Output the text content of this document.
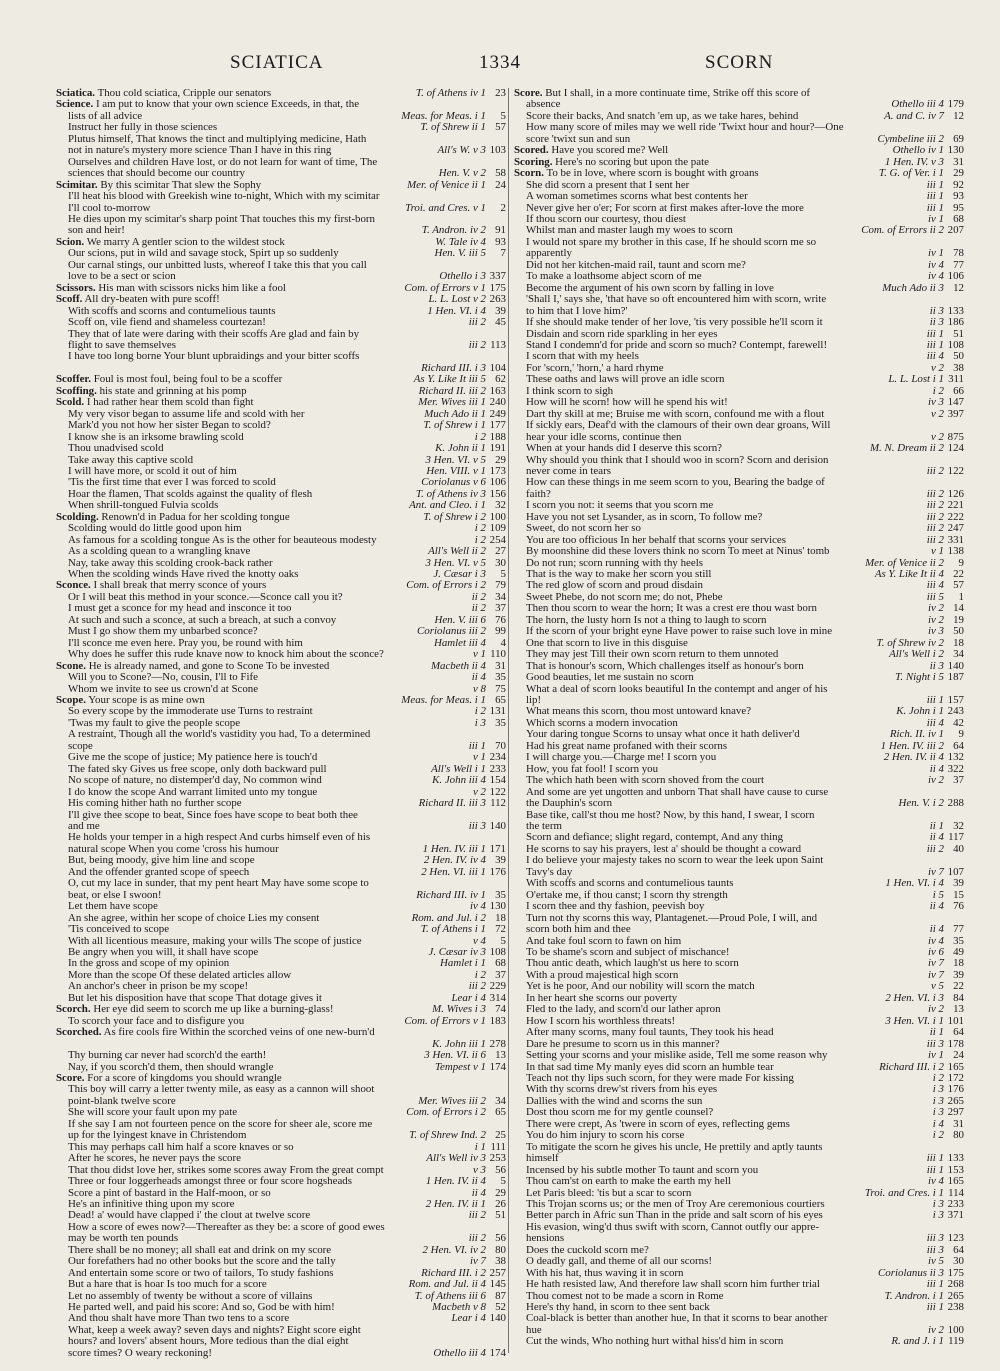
SCIATICA	1334	SCORN
Sciatica. Thou cold sciatica, Cripple our senators	T. of Athens iv 1 23
Science. I am put to know that your own science Exceeds, in that, the
lists of all advice	Meas. for Meas. i 1	5
Instruct her fully in those sciences	T. of Shrew ii 1 57
Plutus himself, That knows the tinct and multiplying medicine, Hath
not in nature's mystery more science Than I have in this ring	All's W. v 3 103
Ourselves and children Have lost, or do not learn for want of time, The
sciences that should become our country	Hen. V. v 2 58
Scimitar. By this scimitar That slew the Sophy	Mer. of Venice ii 1 24
I'll heat his blood with Greekish wine to-night, Which with my scimitar
I'll cool to-morrow	Troi. and Cres. v 1	2
He dies upon my scimitar's sharp point That touches this my first-born
son and heir!	T. Andron. iv 2 91
Scion. We marry A gentler scion to the wildest stock	W. Tale iv 4 93
Our scions, put in wild and savage stock, Spirt up so suddenly	Hen. V. iii 5	7
Our carnal stings, our unbitted lusts, whereof I take this that you call
love to be a sect or scion	Othello i 3 337
Scissors. His man with scissors nicks him like a fool	Com. of Errors v 1 175
Scoff. All dry-beaten with pure scoff!	L. L. Lost v 2 263
With scoffs and scorns and contumelious taunts	1 Hen. VI. i 4 39
Scoff on, vile fiend and shameless courtezan!	iii 2 45
They that of late were daring with their scoffs Are glad and fain by
flight to save themselves	iii 2 113
I have too long borne Your blunt upbraidings and your bitter scoffs
Richard III. i 3 104
Scoffer. Foul is most foul, being foul to be a scoffer	As Y. Like It iii 5 62
Scoffing. his state and grinning at his pomp	Richard II. iii 2 163
Scold. I had rather hear them scold than fight	Mer. Wives iii 1 240
My very visor began to assume life and scold with her	Much Ado ii 1 249
Mark'd you not how her sister Began to scold?	T. of Shrew i 1 177
I know she is an irksome brawling scold	i 2 188
Thou unadvised scold	K. John ii 1 191
Take away this captive scold	3 Hen. VI. v 5 29
I will have more, or scold it out of him	Hen. VIII. v 1 173
'Tis the first time that ever I was forced to scold	Coriolanus v 6 106
Hoar the flamen, That scolds against the quality of flesh	T. of Athens iv 3 156
When shrill-tongued Fulvia scolds	Ant. and Cleo. i 1 32
Scolding. Renown'd in Padua for her scolding tongue	T. of Shrew i 2 100
Scolding would do little good upon him	i 2 109
As famous for a scolding tongue As is the other for beauteous modesty	i 2 254
As a scolding quean to a wrangling knave	All's Well ii 2 27
Nay, take away this scolding crook-back rather	3 Hen. VI. v 5 30
When the scolding winds Have rived the knotty oaks	J. Cæsar i 3	5
Sconce. I shall break that merry sconce of yours	Com. of Errors i 2 79
Or I will beat this method in your sconce.—Sconce call you it?	ii 2 34
I must get a sconce for my head and insconce it too	ii 2 37
At such and such a sconce, at such a breach, at such a convoy	Hen. V. iii 6 76
Must I go show them my unbarbed sconce?	Coriolanus iii 2 99
I'll sconce me even here. Pray you, be round with him	Hamlet iii 4	4
Why does he suffer this rude knave now to knock him about the sconce?	v 1 110
Scone. He is already named, and gone to Scone To be invested	Macbeth ii 4 31
Will you to Scone?—No, cousin, I'll to Fife	ii 4 35
Whom we invite to see us crown'd at Scone	v 8 75
Scope. Your scope is as mine own	Meas. for Meas. i 1 65
So every scope by the immoderate use Turns to restraint	i 2 131
'Twas my fault to give the people scope	i 3 35
A restraint, Though all the world's vastidity you had, To a determined
scope	iii 1 70
Give me the scope of justice; My patience here is touch'd	v 1 234
The fated sky Gives us free scope, only doth backward pull	All's Well i 1 233
No scope of nature, no distemper'd day, No common wind	K. John iii 4 154
I do know the scope And warrant limited unto my tongue	v 2 122
His coming hither hath no further scope	Richard II. iii 3 112
I'll give thee scope to beat, Since foes have scope to beat both thee
and me	iii 3 140
He holds your temper in a high respect And curbs himself even of his
natural scope When you come 'cross his humour	1 Hen. IV. iii 1 171
But, being moody, give him line and scope	2 Hen. IV. iv 4 39
And the offender granted scope of speech	2 Hen. VI. iii 1 176
O, cut my lace in sunder, that my pent heart May have some scope to
beat, or else I swoon!	Richard III. iv 1 35
Let them have scope	iv 4 130
An she agree, within her scope of choice Lies my consent	Rom. and Jul. i 2 18
'Tis conceived to scope	T. of Athens i 1 72
With all licentious measure, making your wills The scope of justice	v 4	5
Be angry when you will, it shall have scope	J. Cæsar iv 3 108
In the gross and scope of my opinion	Hamlet i 1 68
More than the scope Of these delated articles allow	i 2 37
An anchor's cheer in prison be my scope!	iii 2 229
But let his disposition have that scope That dotage gives it	Lear i 4 314
Scorch. Her eye did seem to scorch me up like a burning-glass!	M. Wives i 3 74
To scorch your face and to disfigure you	Com. of Errors v 1 183
Scorched. As fire cools fire Within the scorched veins of one new-burn'd
K. John iii 1 278
Thy burning car never had scorch'd the earth!	3 Hen. VI. ii 6 13
Nay, if you scorch'd them, then should wrangle	Tempest v 1 174
Score. For a score of kingdoms you should wrangle
This boy will carry a letter twenty mile, as easy as a cannon will shoot
point-blank twelve score	Mer. Wives iii 2 34
She will score your fault upon my pate	Com. of Errors i 2 65
If she say I am not fourteen pence on the score for sheer ale, score me
up for the lyingest knave in Christendom	T. of Shrew Ind. 2 25
This may perhaps call him half a score knaves or so	i 1 111
After he scores, he never pays the score	All's Well iv 3 253
That thou didst love her, strikes some scores away From the great compt	v 3 56
Three or four loggerheads amongst three or four score hogsheads	1 Hen. IV. ii 4	5
Score a pint of bastard in the Half-moon, or so	ii 4 29
He's an infinitive thing upon my score	2 Hen. IV. ii 1 26
Dead! a' would have clapped i' the clout at twelve score	iii 2 51
How a score of ewes now?—Thereafter as they be: a score of good ewes
may be worth ten pounds	iii 2 56
There shall be no money; all shall eat and drink on my score	2 Hen. VI. iv 2 80
Our forefathers had no other books but the score and the tally	iv 7 38
And entertain some score or two of tailors, To study fashions	Richard III. i 2 257
But a hare that is hoar Is too much for a score	Rom. and Jul. ii 4 145
Let no assembly of twenty be without a score of villains	T. of Athens iii 6 87
He parted well, and paid his score: And so, God be with him!	Macbeth v 8 52
And thou shalt have more Than two tens to a score	Lear i 4 140
What, keep a week away? seven days and nights? Eight score eight
hours? and lovers' absent hours, More tedious than the dial eight
score times? O weary reckoning!	Othello iii 4 174
Score. But I shall, in a more continuate time, Strike off this score of
absence	Othello iii 4 179
Score their backs, And snatch 'em up, as we take hares, behind	A. and C. iv 7 12
How many score of miles may we well ride 'Twixt hour and hour?—One
score 'twixt sun and sun	Cymbeline iii 2 69
Scored. Have you scored me? Well	Othello iv 1 130
Scoring. Here's no scoring but upon the pate	1 Hen. IV. v 3 31
Scorn. To be in love, where scorn is bought with groans	T. G. of Ver. i 1 29
She did scorn a present that I sent her	iii 1 92
A woman sometimes scorns what best contents her	iii 1 93
Never give her o'er; For scorn at first makes after-love the more	iii 1 95
If thou scorn our courtesy, thou diest	iv 1 68
Whilst man and master laugh my woes to scorn	Com. of Errors ii 2 207
I would not spare my brother in this case, If he should scorn me so
apparently	iv 1 78
Did not her kitchen-maid rail, taunt and scorn me?	iv 4 77
To make a loathsome abject scorn of me	iv 4 106
Become the argument of his own scorn by falling in love	Much Ado ii 3 12
'Shall I,' says she, 'that have so oft encountered him with scorn, write
to him that I love him?'	ii 3 133
If she should make tender of her love, 'tis very possible he'll scorn it	ii 3 186
Disdain and scorn ride sparkling in her eyes	iii 1 51
Stand I condemn'd for pride and scorn so much? Contempt, farewell!	iii 1 108
I scorn that with my heels	iii 4 50
For 'scorn,' 'horn,' a hard rhyme	v 2 38
These oaths and laws will prove an idle scorn	L. L. Lost i 1 311
I think scorn to sigh	i 2 66
How will he scorn! how will he spend his wit!	iv 3 147
Dart thy skill at me; Bruise me with scorn, confound me with a flout	v 2 397
If sickly ears, Deaf'd with the clamours of their own dear groans, Will
hear your idle scorns, continue then	v 2 875
When at your hands did I deserve this scorn?	M. N. Dream ii 2 124
Why should you think that I should woo in scorn? Scorn and derision
never come in tears	iii 2 122
How can these things in me seem scorn to you, Bearing the badge of
faith?	iii 2 126
I scorn you not: it seems that you scorn me	iii 2 221
Have you not set Lysander, as in scorn, To follow me?	iii 2 222
Sweet, do not scorn her so	iii 2 247
You are too officious In her behalf that scorns your services	iii 2 331
By moonshine did these lovers think no scorn To meet at Ninus' tomb	v 1 138
Do not run; scorn running with thy heels	Mer. of Venice ii 2	9
That is the way to make her scorn you still	As Y. Like It ii 4 22
The red glow of scorn and proud disdain	iii 4 57
Sweet Phebe, do not scorn me; do not, Phebe	iii 5	1
Then thou scorn to wear the horn; It was a crest ere thou wast born	iv 2 14
The horn, the lusty horn Is not a thing to laugh to scorn	iv 2 19
If the scorn of your bright eyne Have power to raise such love in mine	iv 3 50
One that scorn to live in this disguise	T. of Shrew iv 2 18
They may jest Till their own scorn return to them unnoted	All's Well i 2 34
That is honour's scorn, Which challenges itself as honour's born	ii 3 140
Good beauties, let me sustain no scorn	T. Night i 5 187
What a deal of scorn looks beautiful In the contempt and anger of his
lip!	iii 1 157
What means this scorn, thou most untoward knave?	K. John i 1 243
Which scorns a modern invocation	iii 4 42
Your daring tongue Scorns to unsay what once it hath deliver'd	Rich. II. iv 1	9
Had his great name profaned with their scorns	1 Hen. IV. iii 2 64
I will charge you.—Charge me! I scorn you	2 Hen. IV. ii 4 132
How, you fat fool! I scorn you	ii 4 322
The which hath been with scorn shoved from the court	iv 2 37
And some are yet ungotten and unborn That shall have cause to curse
the Dauphin's scorn	Hen. V. i 2 288
Base tike, call'st thou me host? Now, by this hand, I swear, I scorn
the term	ii 1 32
Scorn and defiance; slight regard, contempt, And any thing	ii 4 117
He scorns to say his prayers, lest a' should be thought a coward	iii 2 40
I do believe your majesty takes no scorn to wear the leek upon Saint
Tavy's day	iv 7 107
With scoffs and scorns and contumelious taunts	1 Hen. VI. i 4 39
O'ertake me, if thou canst; I scorn thy strength	i 5 15
I scorn thee and thy fashion, peevish boy	ii 4 76
Turn not thy scorns this way, Plantagenet.—Proud Pole, I will, and
scorn both him and thee	ii 4 77
And take foul scorn to fawn on him	iv 4 35
To be shame's scorn and subject of mischance!	iv 6 49
Thou antic death, which laugh'st us here to scorn	iv 7 18
With a proud majestical high scorn	iv 7 39
Yet is he poor, And our nobility will scorn the match	v 5 22
In her heart she scorns our poverty	2 Hen. VI. i 3 84
Fled to the lady, and scorn'd our lather apron	iv 2 13
How I scorn his worthless threats!	3 Hen. VI. i 1 101
After many scorns, many foul taunts, They took his head	ii 1 64
Dare he presume to scorn us in this manner?	iii 3 178
Setting your scorns and your mislike aside, Tell me some reason why	iv 1 24
In that sad time My manly eyes did scorn an humble tear	Richard III. i 2 165
Teach not thy lips such scorn, for they were made For kissing	i 2 172
With thy scorns drew'st rivers from his eyes	i 3 176
Dallies with the wind and scorns the sun	i 3 265
Dost thou scorn me for my gentle counsel?	i 3 297
There were crept, As 'twere in scorn of eyes, reflecting gems	i 4 31
You do him injury to scorn his corse	i 2 80
To mitigate the scorn he gives his uncle, He prettily and aptly taunts
himself	iii 1 133
Incensed by his subtle mother To taunt and scorn you	iii 1 153
Thou cam'st on earth to make the earth my hell	iv 4 165
Let Paris bleed: 'tis but a scar to scorn	Troi. and Cres. i 1 114
This Trojan scorns us; or the men of Troy Are ceremonious courtiers	i 3 233
Better parch in Afric sun Than in the pride and salt scorn of his eyes	i 3 371
His evasion, wing'd thus swift with scorn, Cannot outfly our appre-
hensions	iii 3 123
Does the cuckold scorn me?	iii 3 64
O deadly gall, and theme of all our scorns!	iv 5 30
With his hat, thus waving it in scorn	Coriolanus ii 3 175
He hath resisted law, And therefore law shall scorn him further trial	iii 1 268
Thou comest not to be made a scorn in Rome	T. Andron. i 1 265
Here's thy hand, in scorn to thee sent back	iii 1 238
Coal-black is better than another hue, In that it scorns to bear another
hue	iv 2 100
Cut the winds, Who nothing hurt withal hiss'd him in scorn	R. and J. i 1 119
